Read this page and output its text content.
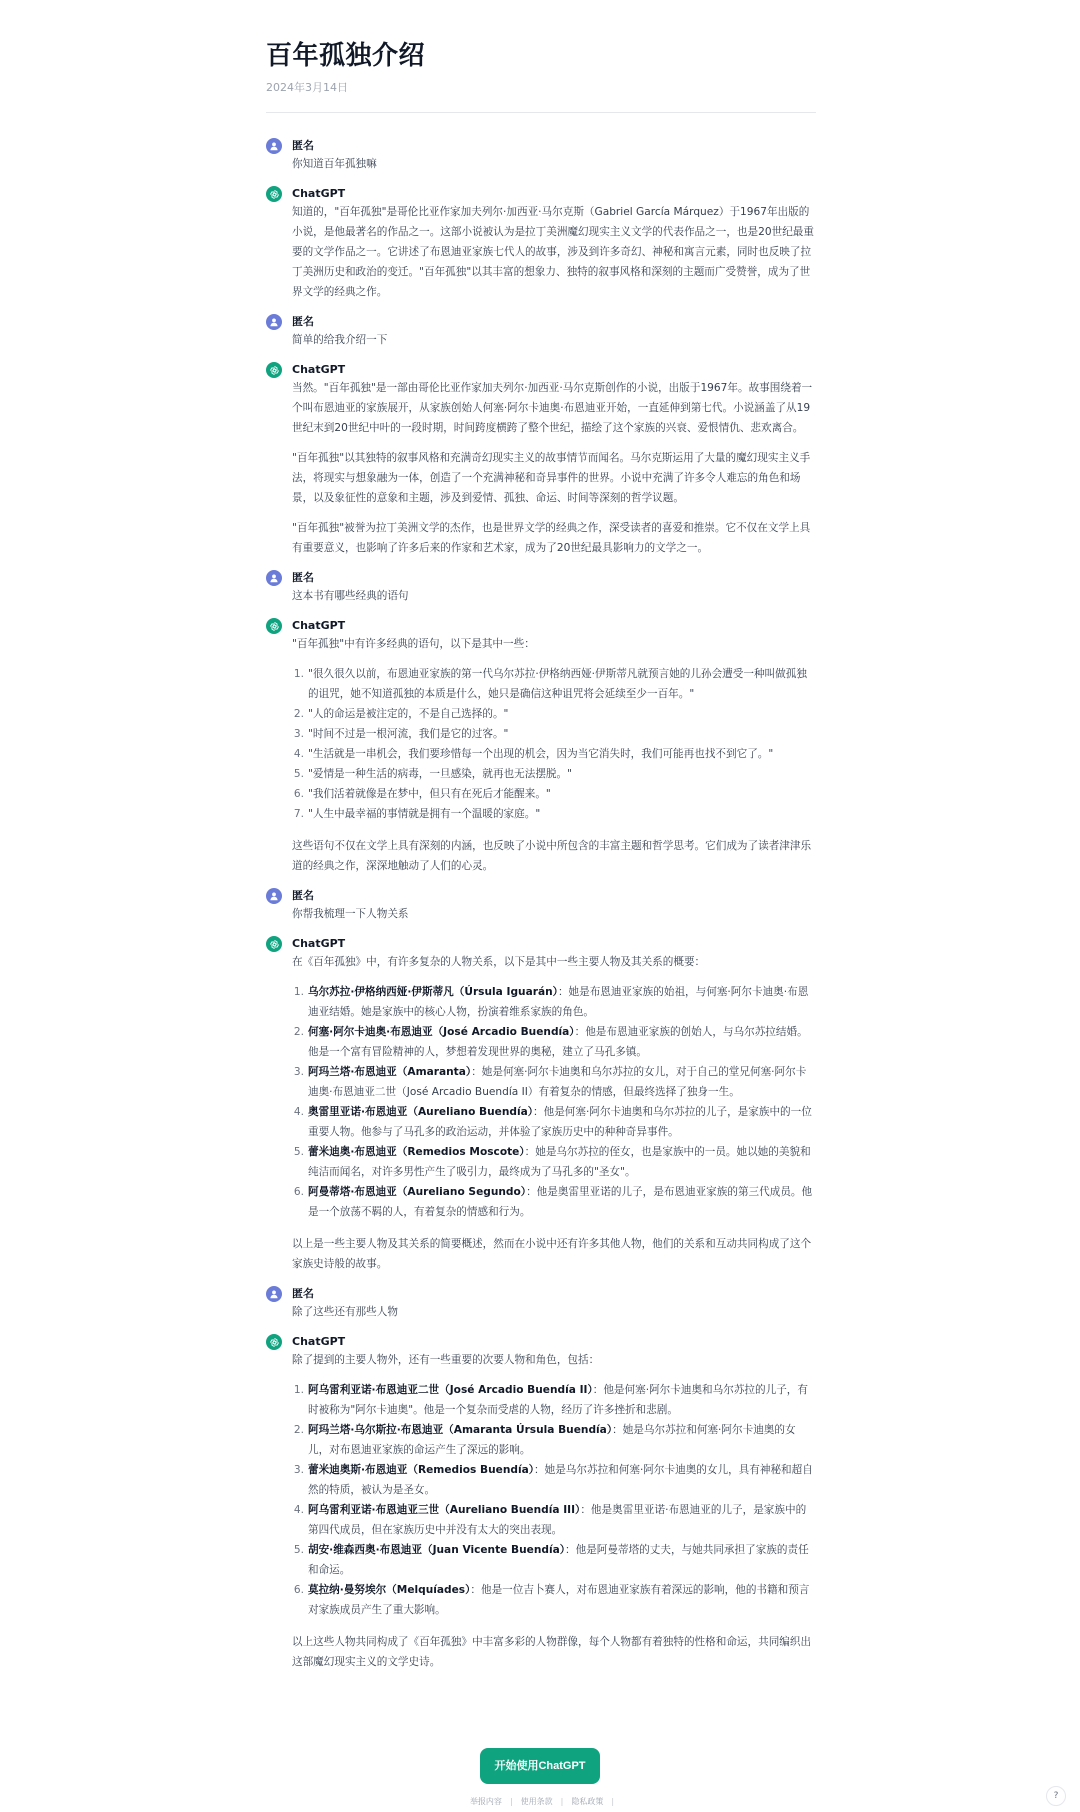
百年孤独介绍
2024年3月14日
匿名

你知道百年孤独嘛

ChatGPT

知道的，"百年孤独"是哥伦比亚作家加夫列尔·加西亚·马尔克斯（Gabriel García Márquez）于1967年出版的小说，是他最著名的作品之一。这部小说被认为是拉丁美洲魔幻现实主义文学的代表作品之一，也是20世纪最重要的文学作品之一。它讲述了布恩迪亚家族七代人的故事，涉及到许多奇幻、神秘和寓言元素，同时也反映了拉丁美洲历史和政治的变迁。"百年孤独"以其丰富的想象力、独特的叙事风格和深刻的主题而广受赞誉，成为了世界文学的经典之作。

匿名

简单的给我介绍一下

ChatGPT

当然。"百年孤独"是一部由哥伦比亚作家加夫列尔·加西亚·马尔克斯创作的小说，出版于1967年。故事围绕着一个叫布恩迪亚的家族展开，从家族创始人何塞·阿尔卡迪奥·布恩迪亚开始，一直延伸到第七代。小说涵盖了从19世纪末到20世纪中叶的一段时期，时间跨度横跨了整个世纪，描绘了这个家族的兴衰、爱恨情仇、悲欢离合。

"百年孤独"以其独特的叙事风格和充满奇幻现实主义的故事情节而闻名。马尔克斯运用了大量的魔幻现实主义手法，将现实与想象融为一体，创造了一个充满神秘和奇异事件的世界。小说中充满了许多令人难忘的角色和场景，以及象征性的意象和主题，涉及到爱情、孤独、命运、时间等深刻的哲学议题。

"百年孤独"被誉为拉丁美洲文学的杰作，也是世界文学的经典之作，深受读者的喜爱和推崇。它不仅在文学上具有重要意义，也影响了许多后来的作家和艺术家，成为了20世纪最具影响力的文学之一。

匿名

这本书有哪些经典的语句

ChatGPT

"百年孤独"中有许多经典的语句，以下是其中一些：

1. "很久很久以前，布恩迪亚家族的第一代乌尔苏拉·伊格纳西娅·伊斯蒂凡就预言她的儿孙会遭受一种叫做孤独的诅咒，她不知道孤独的本质是什么，她只是确信这种诅咒将会延续至少一百年。"
2. "人的命运是被注定的，不是自己选择的。"
3. "时间不过是一根河流，我们是它的过客。"
4. "生活就是一串机会，我们要珍惜每一个出现的机会，因为当它消失时，我们可能再也找不到它了。"
5. "爱情是一种生活的病毒，一旦感染，就再也无法摆脱。"
6. "我们活着就像是在梦中，但只有在死后才能醒来。"
7. "人生中最幸福的事情就是拥有一个温暖的家庭。"

这些语句不仅在文学上具有深刻的内涵，也反映了小说中所包含的丰富主题和哲学思考。它们成为了读者津津乐道的经典之作，深深地触动了人们的心灵。

匿名

你帮我梳理一下人物关系

ChatGPT

在《百年孤独》中，有许多复杂的人物关系，以下是其中一些主要人物及其关系的概要：

1. 乌尔苏拉·伊格纳西娅·伊斯蒂凡（Úrsula Iguarán）：她是布恩迪亚家族的始祖，与何塞·阿尔卡迪奥·布恩迪亚结婚。她是家族中的核心人物，扮演着维系家族的角色。
2. 何塞·阿尔卡迪奥·布恩迪亚（José Arcadio Buendía）：他是布恩迪亚家族的创始人，与乌尔苏拉结婚。他是一个富有冒险精神的人，梦想着发现世界的奥秘，建立了马孔多镇。
3. 阿玛兰塔·布恩迪亚（Amaranta）：她是何塞·阿尔卡迪奥和乌尔苏拉的女儿，对于自己的堂兄何塞·阿尔卡迪奥·布恩迪亚二世（José Arcadio Buendía II）有着复杂的情感，但最终选择了独身一生。
4. 奥雷里亚诺·布恩迪亚（Aureliano Buendía）：他是何塞·阿尔卡迪奥和乌尔苏拉的儿子，是家族中的一位重要人物。他参与了马孔多的政治运动，并体验了家族历史中的种种奇异事件。
5. 蕾米迪奥·布恩迪亚（Remedios Moscote）：她是乌尔苏拉的侄女，也是家族中的一员。她以她的美貌和纯洁而闻名，对许多男性产生了吸引力，最终成为了马孔多的"圣女"。
6. 阿曼蒂塔·布恩迪亚（Aureliano Segundo）：他是奥雷里亚诺的儿子，是布恩迪亚家族的第三代成员。他是一个放荡不羁的人，有着复杂的情感和行为。

以上是一些主要人物及其关系的简要概述，然而在小说中还有许多其他人物，他们的关系和互动共同构成了这个家族史诗般的故事。

匿名

除了这些还有那些人物

ChatGPT

除了提到的主要人物外，还有一些重要的次要人物和角色，包括：

1. 阿乌雷利亚诺·布恩迪亚二世（José Arcadio Buendía II）：他是何塞·阿尔卡迪奥和乌尔苏拉的儿子，有时被称为"阿尔卡迪奥"。他是一个复杂而受虐的人物，经历了许多挫折和悲剧。
2. 阿玛兰塔·乌尔斯拉·布恩迪亚（Amaranta Úrsula Buendía）：她是乌尔苏拉和何塞·阿尔卡迪奥的女儿，对布恩迪亚家族的命运产生了深远的影响。
3. 蕾米迪奥斯·布恩迪亚（Remedios Buendía）：她是乌尔苏拉和何塞·阿尔卡迪奥的女儿，具有神秘和超自然的特质，被认为是圣女。
4. 阿乌雷利亚诺·布恩迪亚三世（Aureliano Buendía III）：他是奥雷里亚诺·布恩迪亚的儿子，是家族中的第四代成员，但在家族历史中并没有太大的突出表现。
5. 胡安·维森西奥·布恩迪亚（Juan Vicente Buendía）：他是阿曼蒂塔的丈夫，与她共同承担了家族的责任和命运。
6. 莫拉纳·曼努埃尔（Melquíades）：他是一位吉卜赛人，对布恩迪亚家族有着深远的影响，他的书籍和预言对家族成员产生了重大影响。

以上这些人物共同构成了《百年孤独》中丰富多彩的人物群像，每个人物都有着独特的性格和命运，共同编织出这部魔幻现实主义的文学史诗。

开始使用ChatGPT
举报内容 | 使用条款 | 隐私政策 |
?
